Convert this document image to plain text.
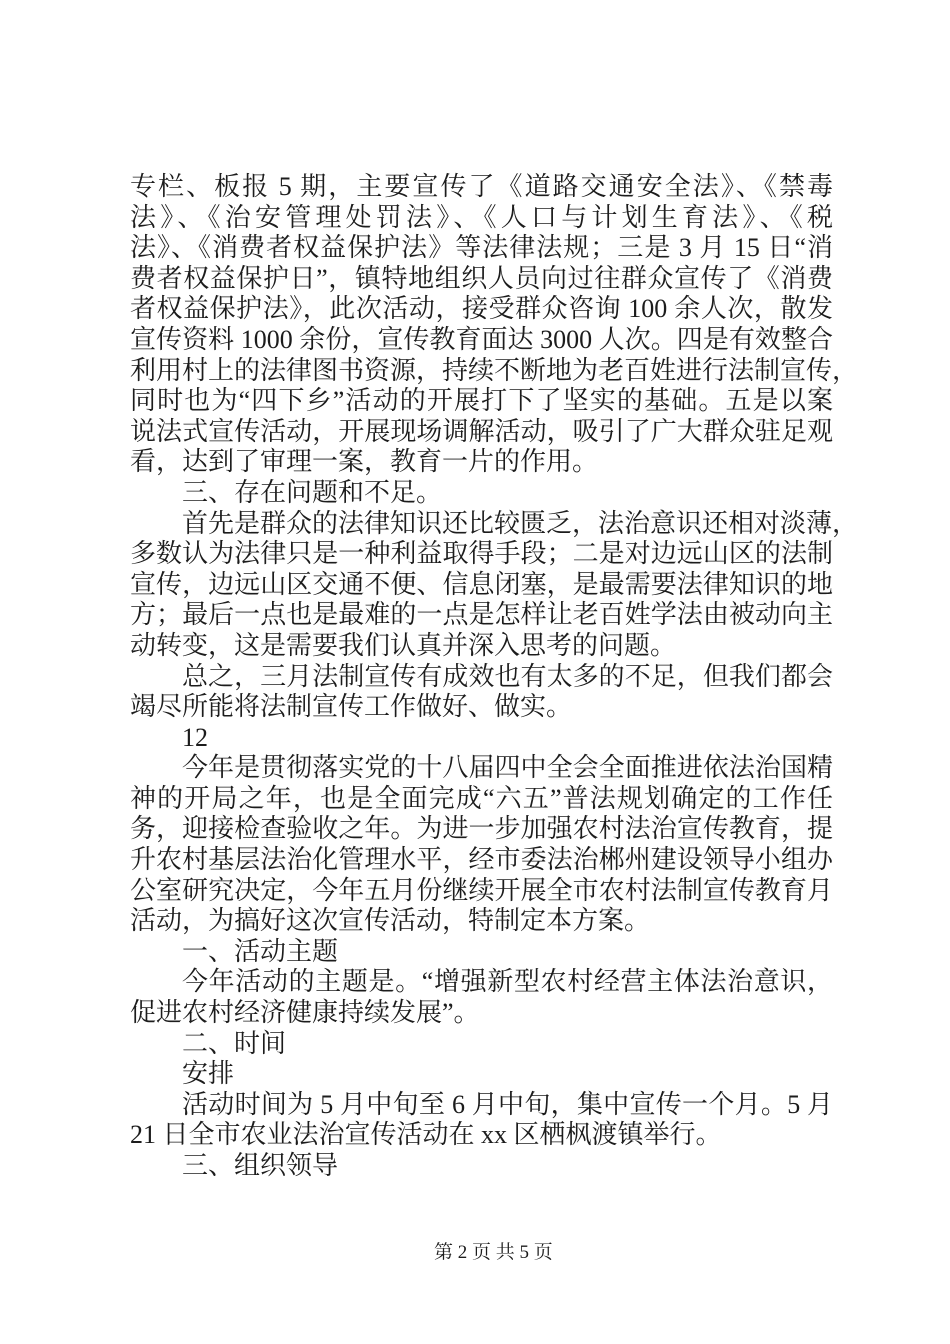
专栏、板报 5 期，主要宣传了《道路交通安全法》、《禁毒
法》、《治安管理处罚法》、《人口与计划生育法》、《税
法》、《消费者权益保护法》等法律法规；三是 3 月 15 日“消
费者权益保护日”，镇特地组织人员向过往群众宣传了《消费
者权益保护法》，此次活动，接受群众咨询 100 余人次，散发
宣传资料 1000 余份，宣传教育面达 3000 人次。四是有效整合
利用村上的法律图书资源，持续不断地为老百姓进行法制宣传，
同时也为“四下乡”活动的开展打下了坚实的基础。五是以案
说法式宣传活动，开展现场调解活动，吸引了广大群众驻足观
看，达到了审理一案，教育一片的作用。
三、存在问题和不足。
首先是群众的法律知识还比较匮乏，法治意识还相对淡薄，
多数认为法律只是一种利益取得手段；二是对边远山区的法制
宣传，边远山区交通不便、信息闭塞，是最需要法律知识的地
方；最后一点也是最难的一点是怎样让老百姓学法由被动向主
动转变，这是需要我们认真并深入思考的问题。
总之，三月法制宣传有成效也有太多的不足，但我们都会
竭尽所能将法制宣传工作做好、做实。
12
今年是贯彻落实党的十八届四中全会全面推进依法治国精
神的开局之年，也是全面完成“六五”普法规划确定的工作任
务，迎接检查验收之年。为进一步加强农村法治宣传教育，提
升农村基层法治化管理水平，经市委法治郴州建设领导小组办
公室研究决定，今年五月份继续开展全市农村法制宣传教育月
活动，为搞好这次宣传活动，特制定本方案。
一、活动主题
今年活动的主题是。“增强新型农村经营主体法治意识，
促进农村经济健康持续发展”。
二、时间
安排
活动时间为 5 月中旬至 6 月中旬，集中宣传一个月。5 月
21 日全市农业法治宣传活动在 xx 区栖枫渡镇举行。
三、组织领导
第 2 页 共 5 页
